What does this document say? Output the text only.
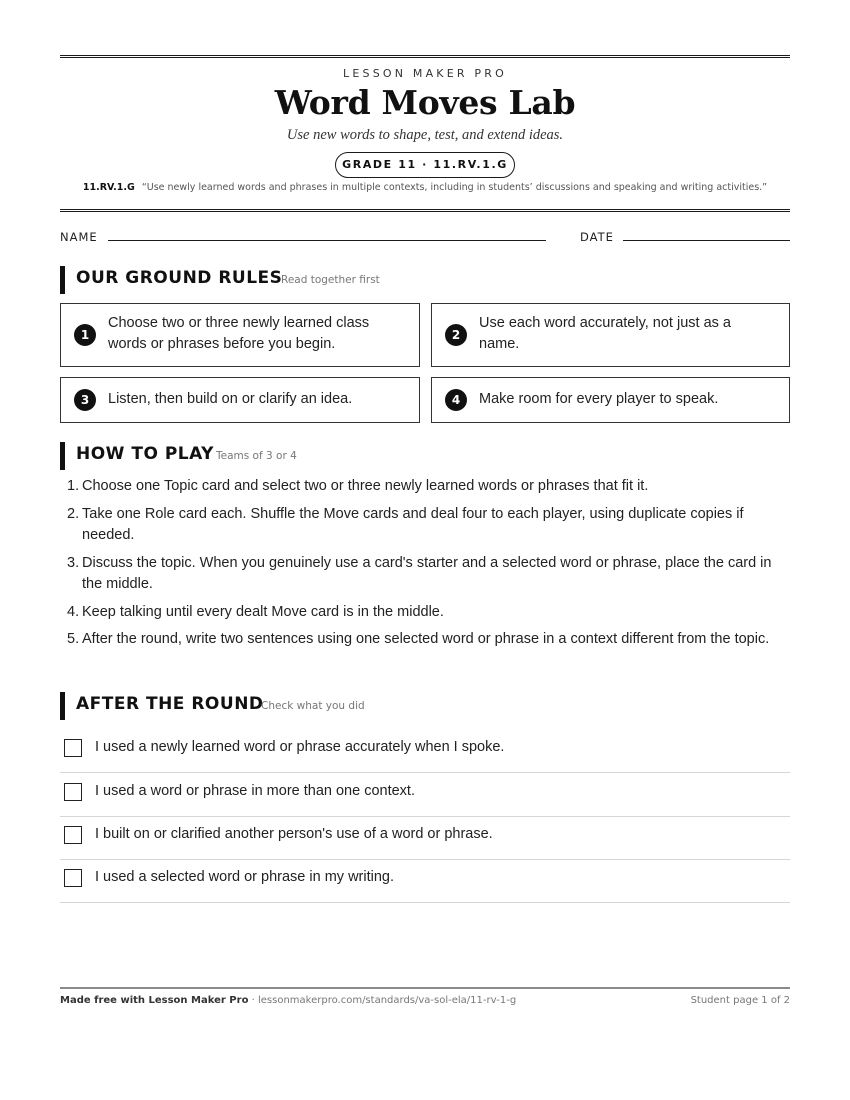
LESSON MAKER PRO
Word Moves Lab
Use new words to shape, test, and extend ideas.
GRADE 11 · 11.RV.1.G
11.RV.1.G “Use newly learned words and phrases in multiple contexts, including in students’ discussions and speaking and writing activities.”
NAME	DATE
OUR GROUND RULES
Read together first
1
Choose two or three newly learned class words or phrases before you begin.
2
Use each word accurately, not just as a name.
3	Listen, then build on or clarify an idea.	4	Make room for every player to speak.
HOW TO PLAY Teams of 3 or 4
1. Choose one Topic card and select two or three newly learned words or phrases that fit it.
2. Take one Role card each. Shuffle the Move cards and deal four to each player, using duplicate copies if needed.
3. Discuss the topic. When you genuinely use a card's starter and a selected word or phrase, place the card in the middle.
4. Keep talking until every dealt Move card is in the middle.
5. After the round, write two sentences using one selected word or phrase in a context different from the topic.
AFTER THE ROUND
Check what you did
I used a newly learned word or phrase accurately when I spoke.
I used a word or phrase in more than one context.
I built on or clarified another person's use of a word or phrase.
I used a selected word or phrase in my writing.
Made free with Lesson Maker Pro · lessonmakerpro.com/standards/va-sol-ela/11-rv-1-g	Student page 1 of 2
